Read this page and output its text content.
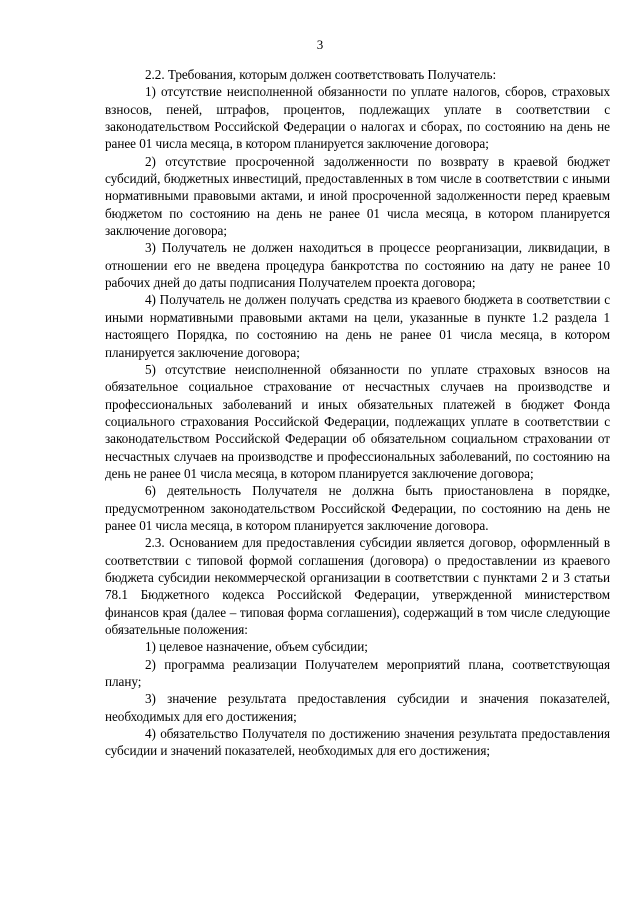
3

2.2. Требования, которым должен соответствовать Получатель:

1) отсутствие неисполненной обязанности по уплате налогов, сборов, страховых взносов, пеней, штрафов, процентов, подлежащих уплате в соответствии с законодательством Российской Федерации о налогах и сборах, по состоянию на день не ранее 01 числа месяца, в котором планируется заключение договора;

2) отсутствие просроченной задолженности по возврату в краевой бюджет субсидий, бюджетных инвестиций, предоставленных в том числе в соответствии с иными нормативными правовыми актами, и иной просроченной задолженности перед краевым бюджетом по состоянию на день не ранее 01 числа месяца, в котором планируется заключение договора;

3) Получатель не должен находиться в процессе реорганизации, ликвидации, в отношении его не введена процедура банкротства по состоянию на дату не ранее 10 рабочих дней до даты подписания Получателем проекта договора;

4) Получатель не должен получать средства из краевого бюджета в соответствии с иными нормативными правовыми актами на цели, указанные в пункте 1.2 раздела 1 настоящего Порядка, по состоянию на день не ранее 01 числа месяца, в котором планируется заключение договора;

5) отсутствие неисполненной обязанности по уплате страховых взносов на обязательное социальное страхование от несчастных случаев на производстве и профессиональных заболеваний и иных обязательных платежей в бюджет Фонда социального страхования Российской Федерации, подлежащих уплате в соответствии с законодательством Российской Федерации об обязательном социальном страховании от несчастных случаев на производстве и профессиональных заболеваний, по состоянию на день не ранее 01 числа месяца, в котором планируется заключение договора;

6) деятельность Получателя не должна быть приостановлена в порядке, предусмотренном законодательством Российской Федерации, по состоянию на день не ранее 01 числа месяца, в котором планируется заключение договора.

2.3. Основанием для предоставления субсидии является договор, оформленный в соответствии с типовой формой соглашения (договора) о предоставлении из краевого бюджета субсидии некоммерческой организации в соответствии с пунктами 2 и 3 статьи 78.1 Бюджетного кодекса Российской Федерации, утвержденной министерством финансов края (далее – типовая форма соглашения), содержащий в том числе следующие обязательные положения:

1) целевое назначение, объем субсидии;

2) программа реализации Получателем мероприятий плана, соответствующая плану;

3) значение результата предоставления субсидии и значения показателей, необходимых для его достижения;

4) обязательство Получателя по достижению значения результата предоставления субсидии и значений показателей, необходимых для его достижения;
